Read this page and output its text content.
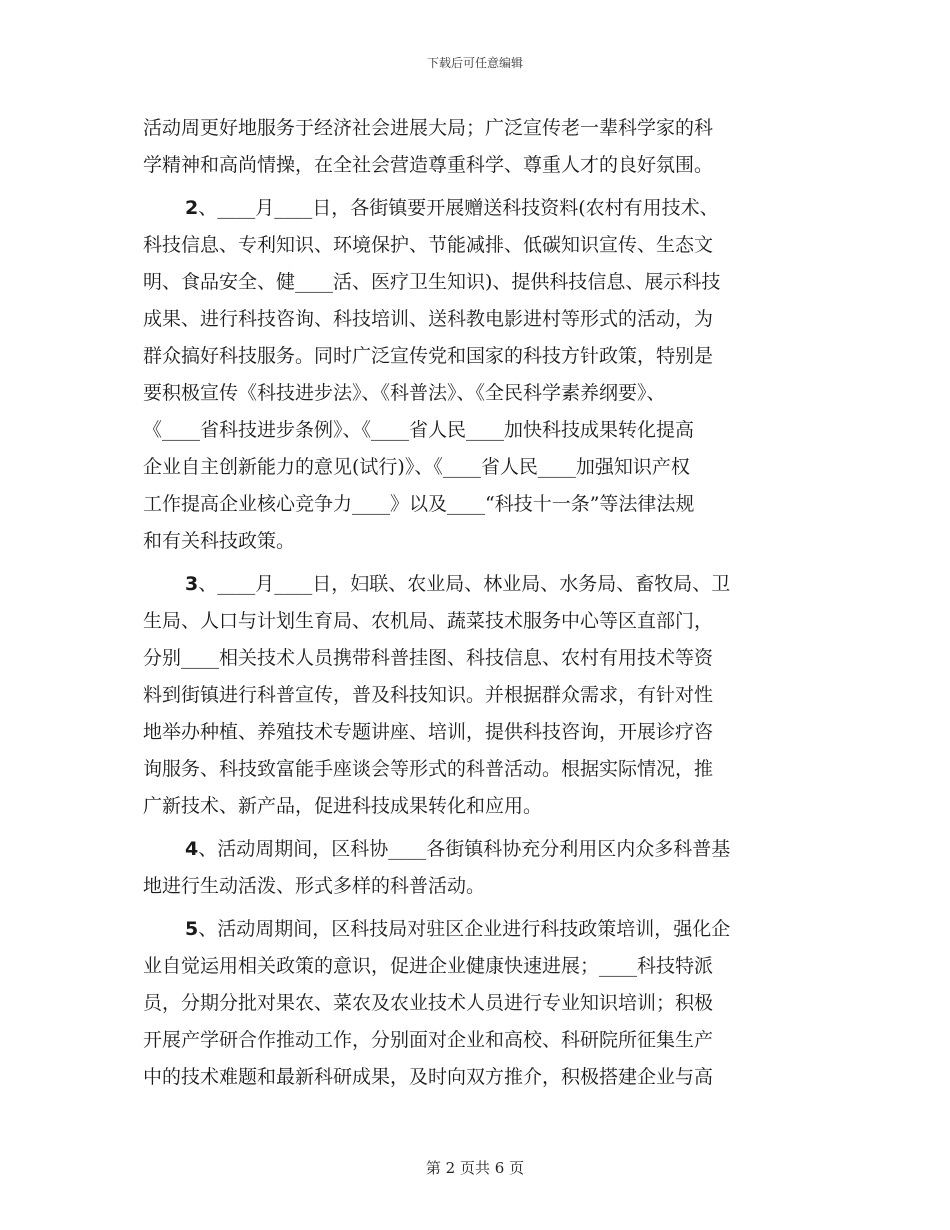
下载后可任意编辑
活动周更好地服务于经济社会进展大局；广泛宣传老一辈科学家的科
学精神和高尚情操，在全社会营造尊重科学、尊重人才的良好氛围。
2、____月____日，各街镇要开展赠送科技资料(农村有用技术、
科技信息、专利知识、环境保护、节能减排、低碳知识宣传、生态文
明、食品安全、健____活、医疗卫生知识)、提供科技信息、展示科技
成果、进行科技咨询、科技培训、送科教电影进村等形式的活动，为
群众搞好科技服务。同时广泛宣传党和国家的科技方针政策，特别是
要积极宣传《科技进步法》、《科普法》、《全民科学素养纲要》、
《____省科技进步条例》、《____省人民____加快科技成果转化提高
企业自主创新能力的意见(试行)》、《____省人民____加强知识产权
工作提高企业核心竞争力____》以及____“科技十一条”等法律法规
和有关科技政策。
3、____月____日，妇联、农业局、林业局、水务局、畜牧局、卫
生局、人口与计划生育局、农机局、蔬菜技术服务中心等区直部门，
分别____相关技术人员携带科普挂图、科技信息、农村有用技术等资
料到街镇进行科普宣传，普及科技知识。并根据群众需求，有针对性
地举办种植、养殖技术专题讲座、培训，提供科技咨询，开展诊疗咨
询服务、科技致富能手座谈会等形式的科普活动。根据实际情况，推
广新技术、新产品，促进科技成果转化和应用。
4、活动周期间，区科协____各街镇科协充分利用区内众多科普基
地进行生动活泼、形式多样的科普活动。
5、活动周期间，区科技局对驻区企业进行科技政策培训，强化企
业自觉运用相关政策的意识，促进企业健康快速进展；____科技特派
员，分期分批对果农、菜农及农业技术人员进行专业知识培训；积极
开展产学研合作推动工作，分别面对企业和高校、科研院所征集生产
中的技术难题和最新科研成果，及时向双方推介，积极搭建企业与高
第 2 页共 6 页
